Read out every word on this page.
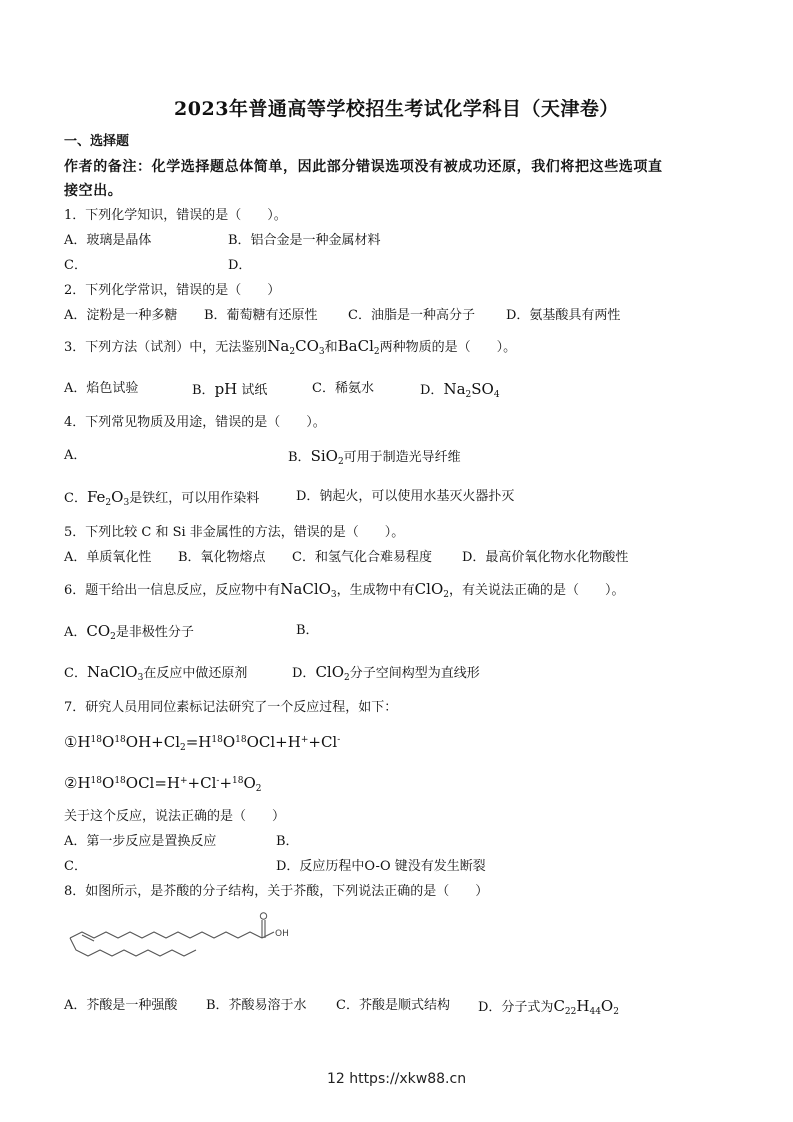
2023年普通高等学校招生考试化学科目（天津卷）
一、选择题
作者的备注：化学选择题总体简单，因此部分错误选项没有被成功还原，我们将把这些选项直
接空出。
1．下列化学知识，错误的是（　　）。
A．玻璃是晶体	B．铝合金是一种金属材料
C．	D．
2．下列化学常识，错误的是（　　）
A．淀粉是一种多糖 B．葡萄糖有还原性 C．油脂是一种高分子 D．氨基酸具有两性
3．下列方法（试剂）中，无法鉴别$Na_2CO_3$和BaCl$_2$两种物质的是（　　）。
A．焰色试验	B．pH 试纸	C．稀氨水	D．$Na_2SO_4$
4．下列常见物质及用途，错误的是（　　）。
A．	B．SiO$_2$可用于制造光导纤维
C．$Fe_2O_3$是铁红，可以用作染料	D．钠起火，可以使用水基灭火器扑灭
5．下列比较 C 和 Si 非金属性的方法，错误的是（　　）。
A．单质氧化性 B．氧化物熔点 C．和氢气化合难易程度 D．最高价氧化物水化物酸性
6．题干给出一信息反应，反应物中有NaClO$_3$，生成物中有ClO$_2$，有关说法正确的是（　　）。
A．$CO_2$是非极性分子	B．
C．NaClO$_3$在反应中做还原剂	D．ClO$_2$分子空间构型为直线形
7．研究人员用同位素标记法研究了一个反应过程，如下：
$①H^{18}O^{18}OH+Cl_2=H^{18}O^{18}OCl+H^++Cl^-$
$②H^{18}O^{18}OCl=H^++Cl^-+^{18}O_2$
关于这个反应，说法正确的是（　　）
A．第一步反应是置换反应	B．
C．	D．反应历程中O-O 键没有发生断裂
8．如图所示，是芥酸的分子结构，关于芥酸，下列说法正确的是（　　）
OH
A．芥酸是一种强酸 B．芥酸易溶于水 C．芥酸是顺式结构 D．分子式为$C_{22}H_{44}O_2$
12 https://xkw88.cn
